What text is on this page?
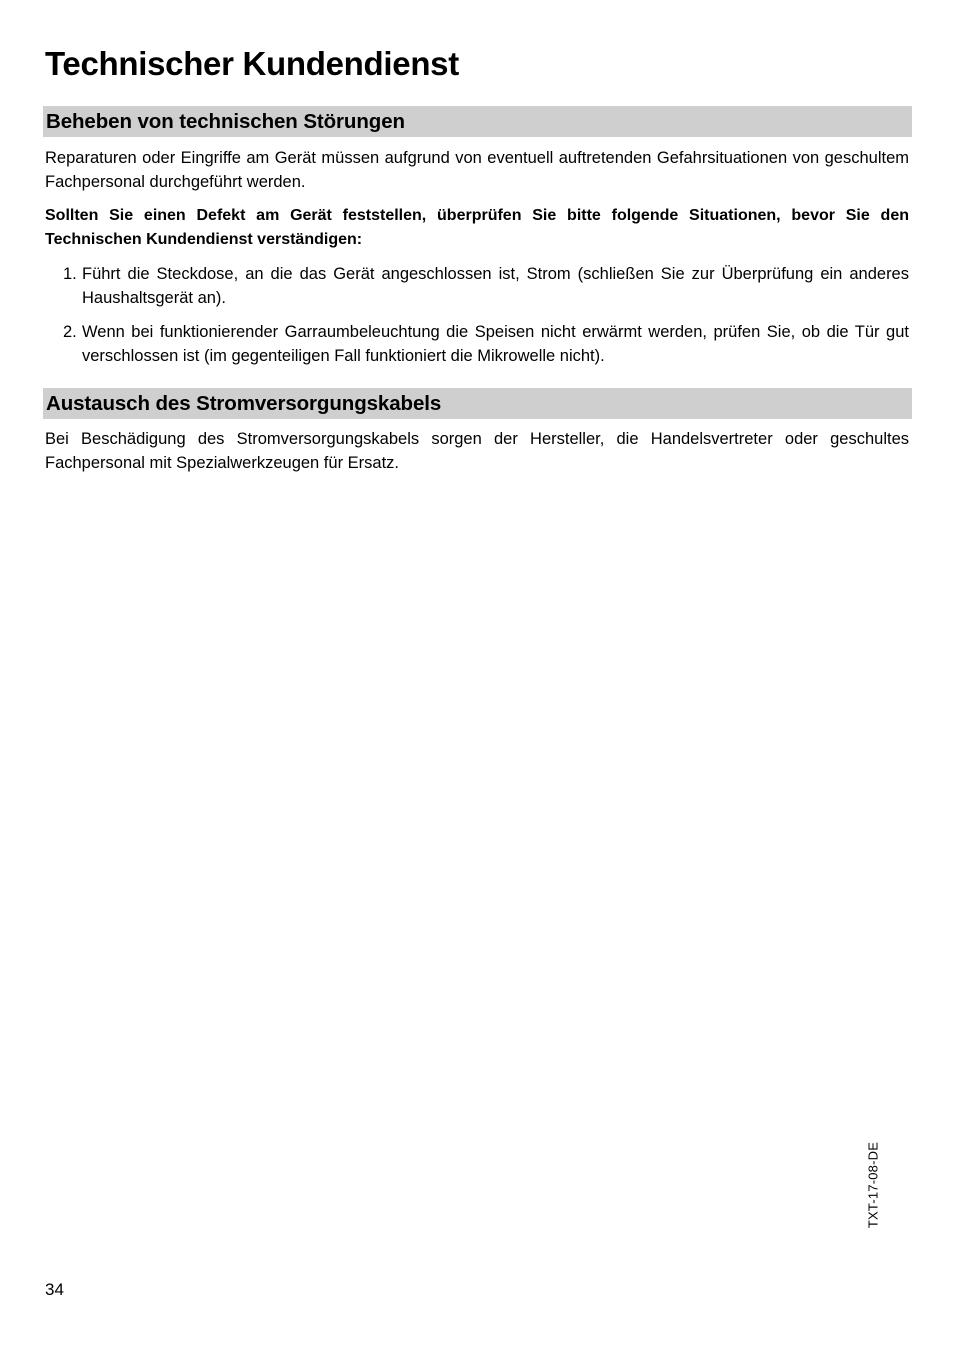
Technischer Kundendienst
Beheben von technischen Störungen

Reparaturen oder Eingriffe am Gerät müssen aufgrund von eventuell auftretenden Gefahrsituationen von geschultem Fachpersonal durchgeführt werden.

Sollten Sie einen Defekt am Gerät feststellen, überprüfen Sie bitte folgende Situationen, bevor Sie den Technischen Kundendienst verständigen:

1. Führt die Steckdose, an die das Gerät angeschlossen ist, Strom (schließen Sie zur Überprüfung ein anderes Haushaltsgerät an).
2. Wenn bei funktionierender Garraumbeleuchtung die Speisen nicht erwärmt werden, prüfen Sie, ob die Tür gut verschlossen ist (im gegenteiligen Fall funktioniert die Mikrowelle nicht).
Austausch des Stromversorgungskabels

Bei Beschädigung des Stromversorgungskabels sorgen der Hersteller, die Handelsvertreter oder geschultes Fachpersonal mit Spezialwerkzeugen für Ersatz.

TXT-17-08-DE
34
